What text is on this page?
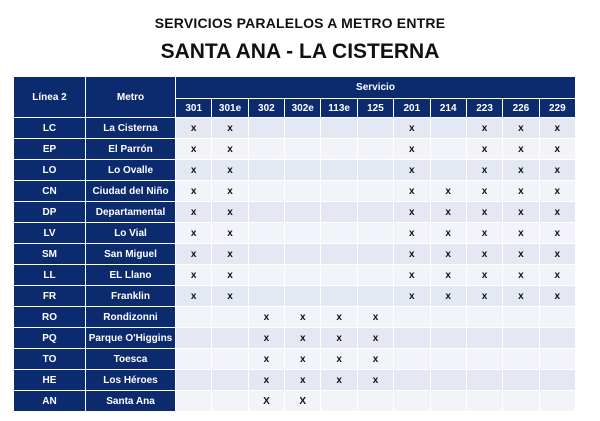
SERVICIOS PARALELOS A METRO ENTRE
SANTA ANA - LA CISTERNA
Línea 2	Metro	Servicio										
		301	301e	302	302e	113e	125	201	214	223	226	229
LC	La Cisterna	x	x					x		x	x	x
EP	El Parrón	x	x					x		x	x	x
LO	Lo Ovalle	x	x					x		x	x	x
CN	Ciudad del Niño	x	x					x	x	x	x	x
DP	Departamental	x	x					x	x	x	x	x
LV	Lo Vial	x	x					x	x	x	x	x
SM	San Miguel	x	x					x	x	x	x	x
LL	EL Llano	x	x					x	x	x	x	x
FR	Franklin	x	x					x	x	x	x	x
RO	Rondizonni			x	x	x	x					
PQ	Parque O'Higgins			x	x	x	x					
TO	Toesca			x	x	x	x					
HE	Los Héroes			x	x	x	x					
AN	Santa Ana			X	X							
